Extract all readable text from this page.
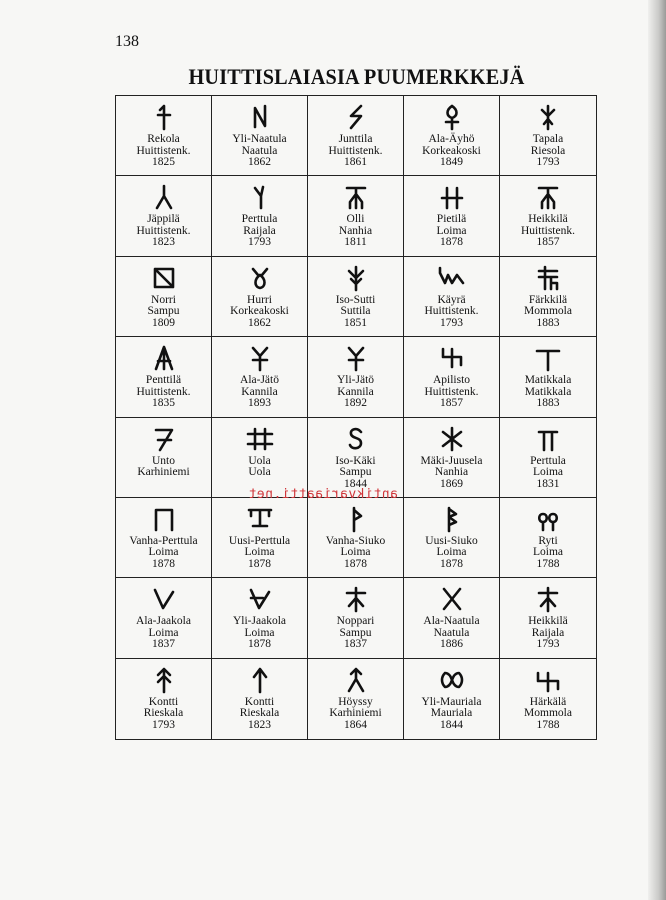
138
HUITTISLAIASIA PUUMERKKEJÄ
Rekola
Huittistenk.
1825
Yli-Naatula
Naatula
1862
Junttila
Huittistenk.
1861
Ala-Äyhö
Korkeakoski
1849
Tapala
Riesola
1793
Jäppilä
Huittistenk.
1823
Perttula
Raijala
1793
Olli
Nanhia
1811
Pietilä
Loima
1878
Heikkilä
Huittistenk.
1857
Norri
Sampu
1809
Hurri
Korkeakoski
1862
Iso-Sutti
Suttila
1851
Käyrä
Huittistenk.
1793
Färkkilä
Mommola
1883
Penttilä
Huittistenk.
1835
Ala-Jätö
Kannila
1893
Yli-Jätö
Kannila
1892
Apilisto
Huittistenk.
1857
Matikkala
Matikkala
1883
Unto
Karhiniemi
Uola
Uola
Iso-Käki
Sampu
1844
Mäki-Juusela
Nanhia
1869
Perttula
Loima
1831
Vanha-Perttula
Loima
1878
Uusi-Perttula
Loima
1878
Vanha-Siuko
Loima
1878
Uusi-Siuko
Loima
1878
Ryti
Loima
1788
Ala-Jaakola
Loima
1837
Yli-Jaakola
Loima
1878
Noppari
Sampu
1837
Ala-Naatula
Naatula
1886
Heikkilä
Raijala
1793
Kontti
Rieskala
1793
Kontti
Rieskala
1823
Höyssy
Karhiniemi
1864
Yli-Mauriala
Mauriala
1844
Härkälä
Mommola
1788
antikvariaatti.net
